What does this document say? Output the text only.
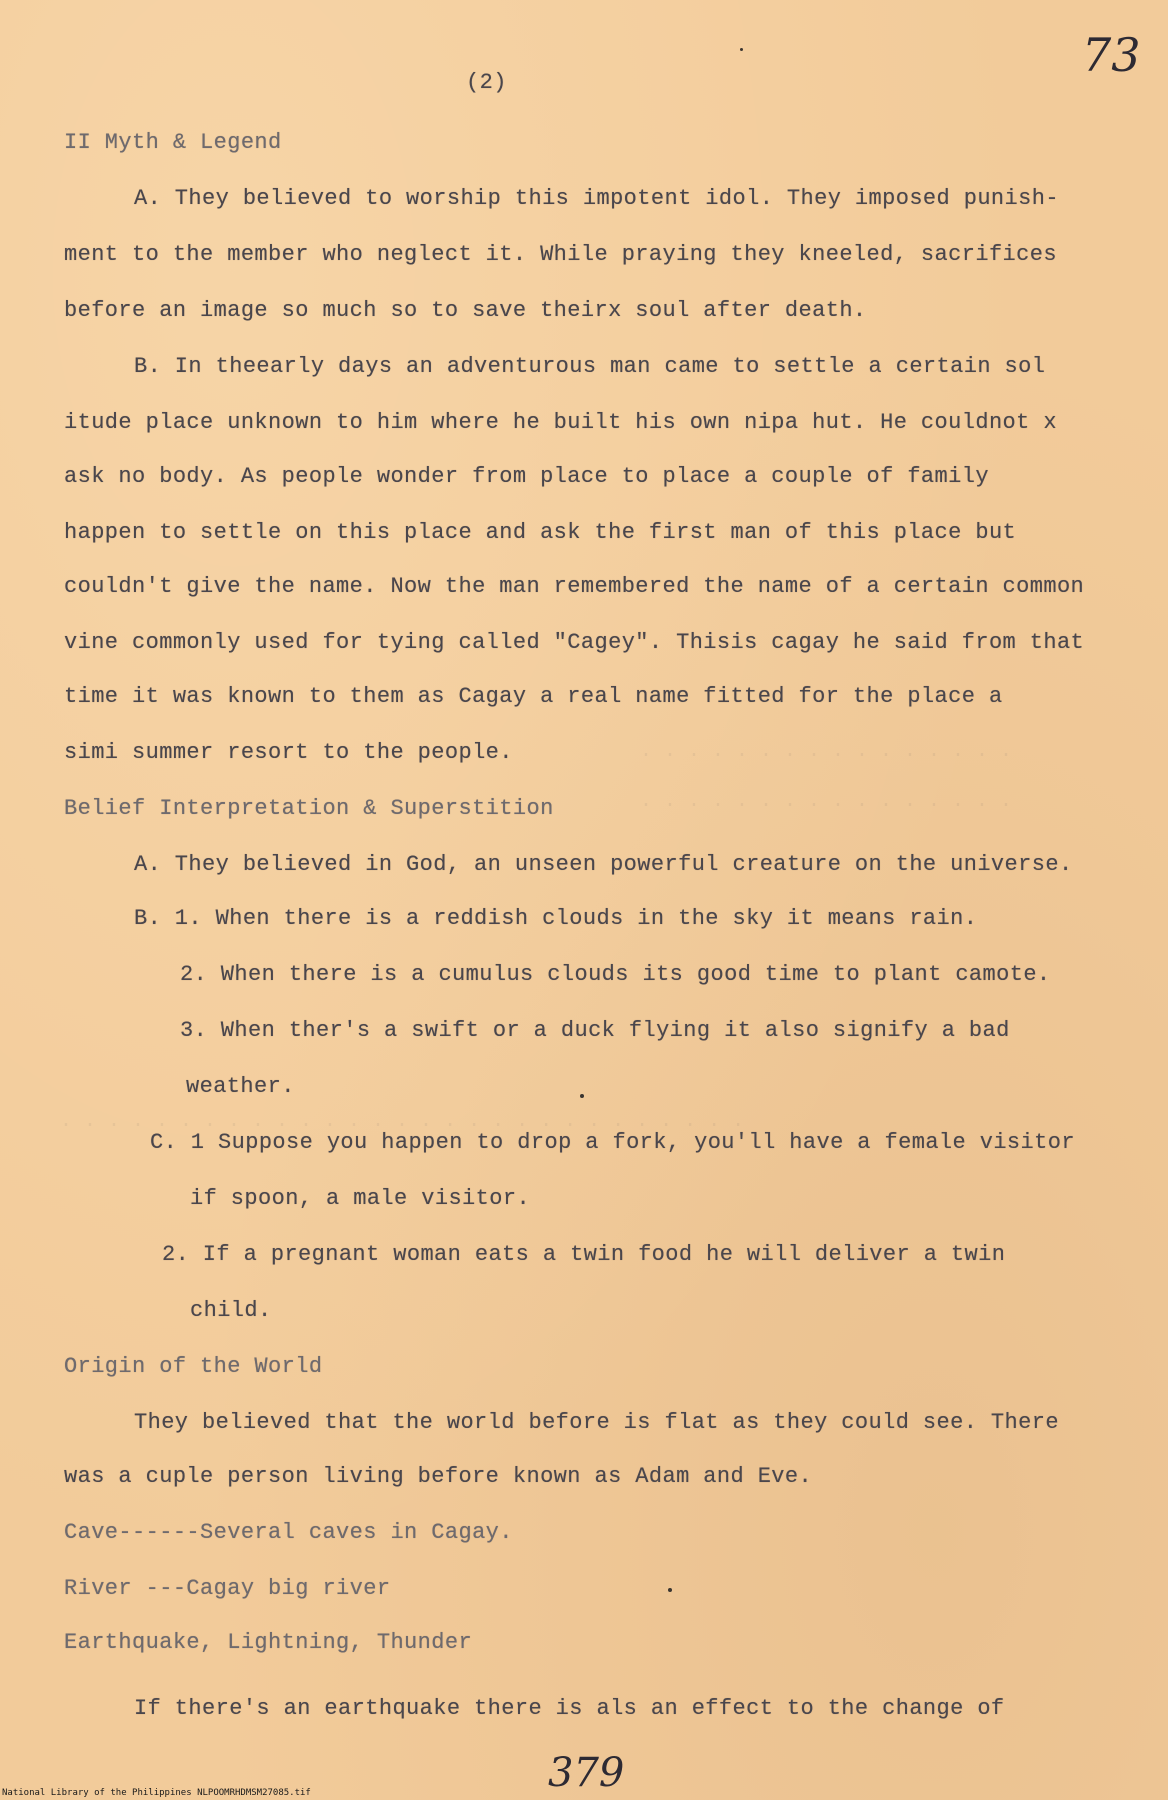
. . . . . . . . . . . . . . . .
. . . . . . . . . . . . . . . .
. . . . . . . . . . . . . . . . . . . . . . . . . . . . .
73
(2)
II Myth & Legend
A. They believed to worship this impotent idol. They imposed punish-
ment to the member who neglect it. While praying they kneeled, sacrifices
before an image so much so to save theirx soul after death.
B. In theearly days an adventurous man came to settle a certain sol
itude place unknown to him where he built his own nipa hut. He couldnot x
ask no body. As people wonder from place to place a couple of family
happen to settle on this place and ask the first man of this place but
couldn't give the name. Now the man remembered the name of a certain common
vine commonly used for tying called "Cagey". Thisis cagay he said from that
time it was known to them as Cagay a real name fitted for the place a
simi summer resort to the people.
Belief Interpretation & Superstition
A. They believed in God, an unseen powerful creature on the universe.
B. 1. When there is a reddish clouds in the sky it means rain.
2. When there is a cumulus clouds its good time to plant camote.
3. When ther's a swift or a duck flying it also signify a bad
weather.
C. 1 Suppose you happen to drop a fork, you'll have a female visitor
if spoon, a male visitor.
2. If a pregnant woman eats a twin food he will deliver a twin
child.
Origin of the World
They believed that the world before is flat as they could see. There
was a cuple person living before known as Adam and Eve.
Cave------Several caves in Cagay.
River ---Cagay big river
Earthquake, Lightning, Thunder
If there's an earthquake there is als an effect to the change of
379
National Library of the Philippines NLPOOMRHDMSM27085.tif
